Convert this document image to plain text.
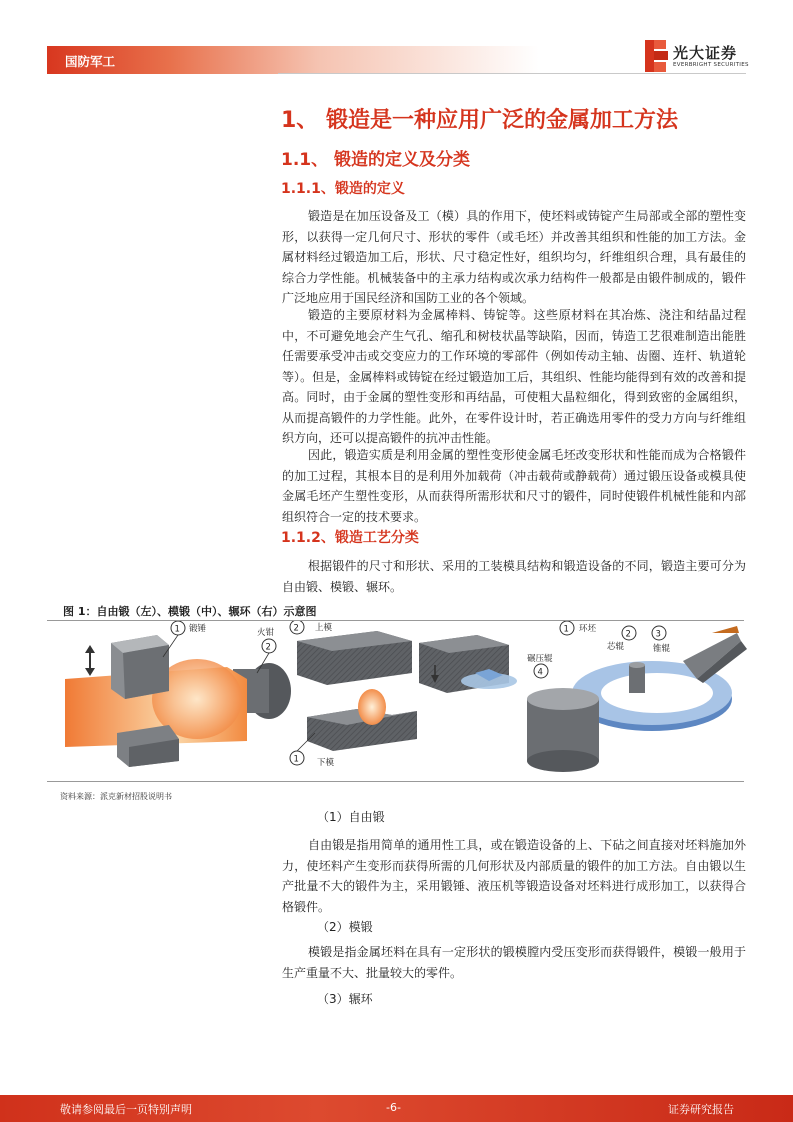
国防军工	光大证券
EVERBRIGHT SECURITIES
1、 锻造是一种应用广泛的金属加工方法
1.1、 锻造的定义及分类
1.1.1、锻造的定义
锻造是在加压设备及工（模）具的作用下，使坯料或铸锭产生局部或全部的塑性变形，以获得一定几何尺寸、形状的零件（或毛坯）并改善其组织和性能的加工方法。金属材料经过锻造加工后，形状、尺寸稳定性好，组织均匀，纤维组织合理，具有最佳的综合力学性能。机械装备中的主承力结构或次承力结构件一般都是由锻件制成的，锻件广泛地应用于国民经济和国防工业的各个领域。
锻造的主要原材料为金属棒料、铸锭等。这些原材料在其冶炼、浇注和结晶过程中，不可避免地会产生气孔、缩孔和树枝状晶等缺陷，因而，铸造工艺很难制造出能胜任需要承受冲击或交变应力的工作环境的零部件（例如传动主轴、齿圈、连杆、轨道轮等）。但是，金属棒料或铸锭在经过锻造加工后，其组织、性能均能得到有效的改善和提高。同时，由于金属的塑性变形和再结晶，可使粗大晶粒细化，得到致密的金属组织，从而提高锻件的力学性能。此外，在零件设计时，若正确选用零件的受力方向与纤维组织方向，还可以提高锻件的抗冲击性能。
因此，锻造实质是利用金属的塑性变形使金属毛坯改变形状和性能而成为合格锻件的加工过程，其根本目的是利用外加载荷（冲击载荷或静载荷）通过锻压设备或模具使金属毛坯产生塑性变形，从而获得所需形状和尺寸的锻件，同时使锻件机械性能和内部组织符合一定的技术要求。
1.1.2、锻造工艺分类
根据锻件的尺寸和形状、采用的工装模具结构和锻造设备的不同，锻造主要可分为自由锻、模锻、辗环。
图 1：自由锻（左）、模锻（中）、辗环（右）示意图
1 锻锤	火钳
2
2 上模
1 下模
1 环坯
2
芯辊
3
锥辊
碾压辊
4
资料来源：派克新材招股说明书
（1）自由锻
自由锻是指用简单的通用性工具，或在锻造设备的上、下砧之间直接对坯料施加外力，使坯料产生变形而获得所需的几何形状及内部质量的锻件的加工方法。自由锻以生产批量不大的锻件为主，采用锻锤、液压机等锻造设备对坯料进行成形加工，以获得合格锻件。
（2）模锻
模锻是指金属坯料在具有一定形状的锻模膛内受压变形而获得锻件，模锻一般用于生产重量不大、批量较大的零件。
（3）辗环
敬请参阅最后一页特别声明	-6-	证券研究报告
